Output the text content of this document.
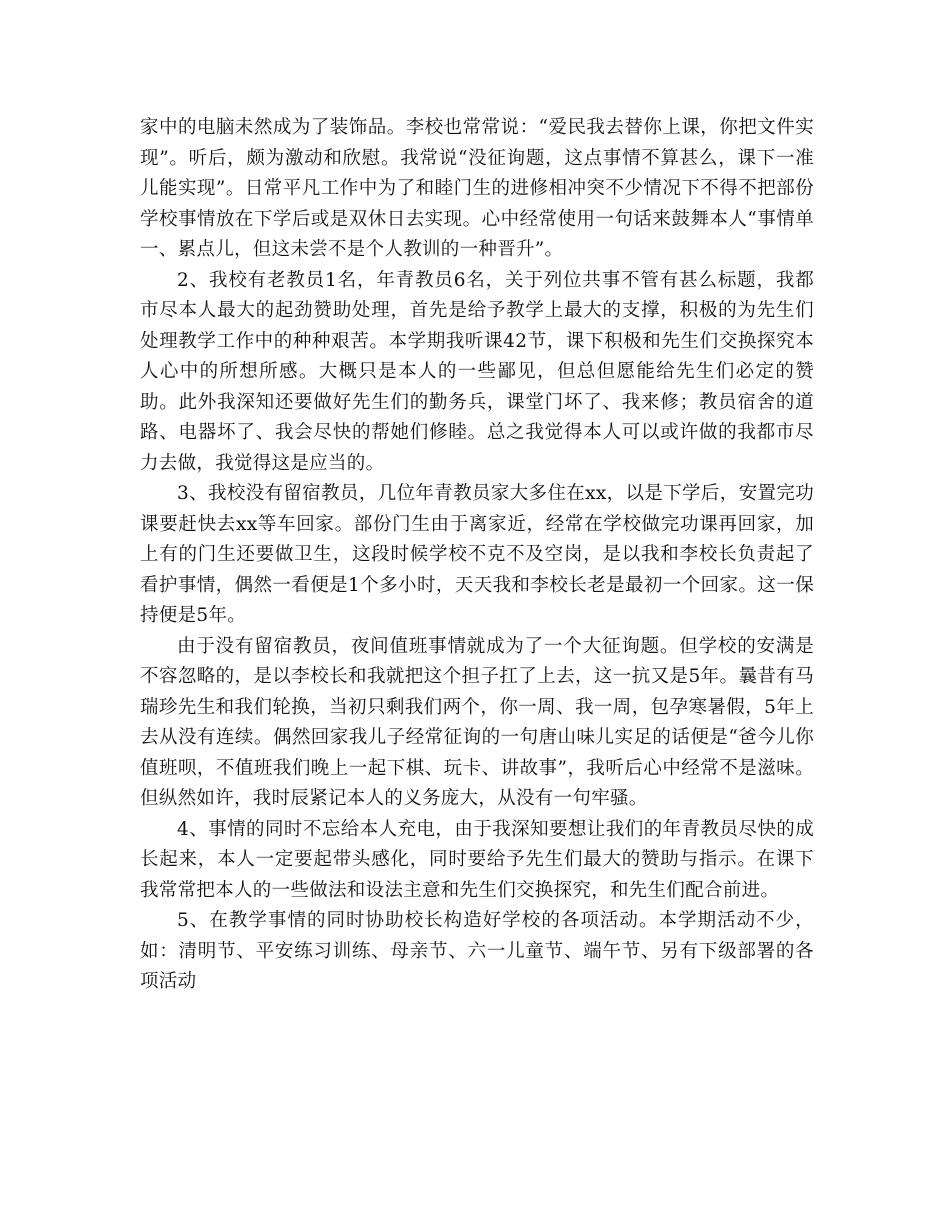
家中的电脑未然成为了装饰品。李校也常常说：“爱民我去替你上课，你把文件实现”。听后，颇为激动和欣慰。我常说“没征询题，这点事情不算甚么，课下一准儿能实现”。日常平凡工作中为了和睦门生的进修相冲突不少情况下不得不把部份学校事情放在下学后或是双休日去实现。心中经常使用一句话来鼓舞本人“事情单一、累点儿，但这未尝不是个人教训的一种晋升”。

2、我校有老教员1名，年青教员6名，关于列位共事不管有甚么标题，我都市尽本人最大的起劲赞助处理，首先是给予教学上最大的支撑，积极的为先生们处理教学工作中的种种艰苦。本学期我听课42节，课下积极和先生们交换探究本人心中的所想所感。大概只是本人的一些鄙见，但总但愿能给先生们必定的赞助。此外我深知还要做好先生们的勤务兵，课堂门坏了、我来修；教员宿舍的道路、电器坏了、我会尽快的帮她们修睦。总之我觉得本人可以或许做的我都市尽力去做，我觉得这是应当的。

3、我校没有留宿教员，几位年青教员家大多住在xx，以是下学后，安置完功课要赶快去xx等车回家。部份门生由于离家近，经常在学校做完功课再回家，加上有的门生还要做卫生，这段时候学校不克不及空岗，是以我和李校长负责起了看护事情，偶然一看便是1个多小时，天天我和李校长老是最初一个回家。这一保持便是5年。

由于没有留宿教员，夜间值班事情就成为了一个大征询题。但学校的安满是不容忽略的，是以李校长和我就把这个担子扛了上去，这一抗又是5年。曩昔有马瑞珍先生和我们轮换，当初只剩我们两个，你一周、我一周，包孕寒暑假，5年上去从没有连续。偶然回家我儿子经常征询的一句唐山味儿实足的话便是“爸今儿你值班呗，不值班我们晚上一起下棋、玩卡、讲故事”，我听后心中经常不是滋味。但纵然如许，我时辰紧记本人的义务庞大，从没有一句牢骚。

4、事情的同时不忘给本人充电，由于我深知要想让我们的年青教员尽快的成长起来，本人一定要起带头感化，同时要给予先生们最大的赞助与指示。在课下我常常把本人的一些做法和设法主意和先生们交换探究，和先生们配合前进。

5、在教学事情的同时协助校长构造好学校的各项活动。本学期活动不少，如：清明节、平安练习训练、母亲节、六一儿童节、端午节、另有下级部署的各项活动
